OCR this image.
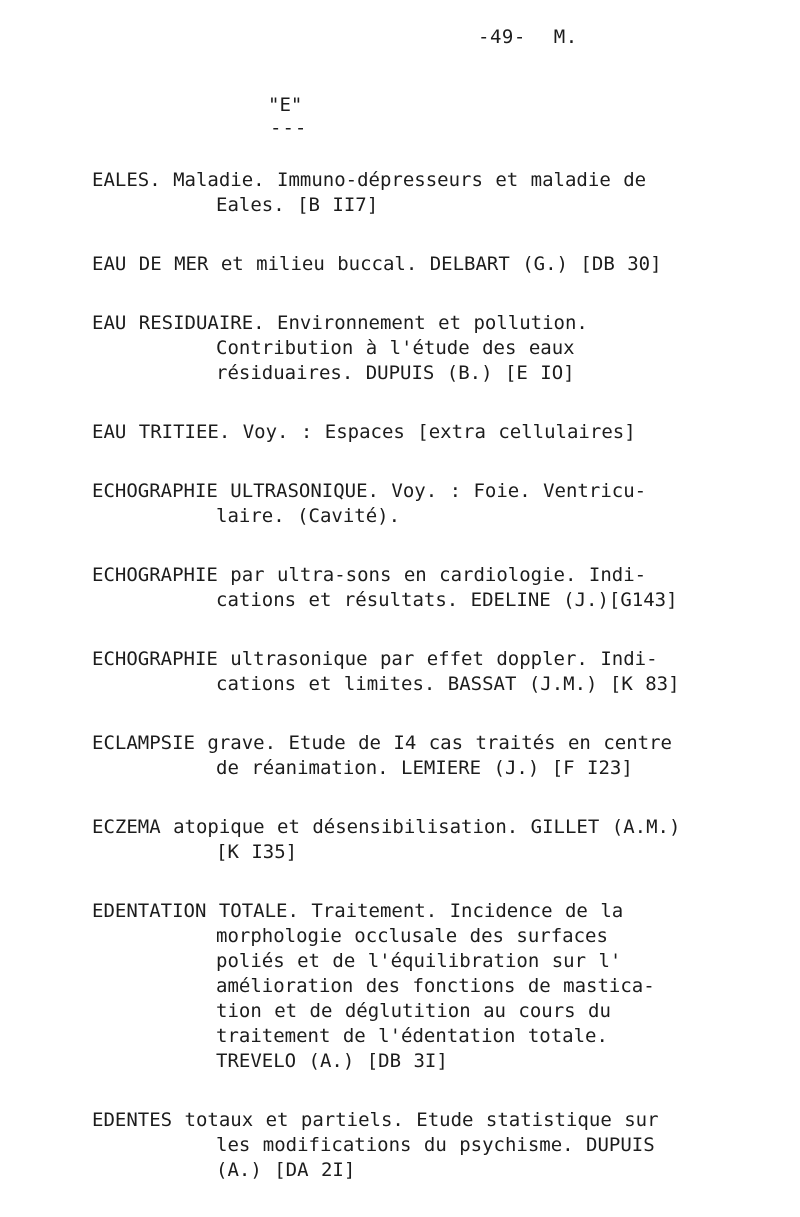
-49- M.
"E"
---
EALES. Maladie. Immuno-dépresseurs et maladie de
Eales. [B II7]
EAU DE MER et milieu buccal. DELBART (G.) [DB 30]
EAU RESIDUAIRE. Environnement et pollution.
Contribution à l'étude des eaux
résiduaires. DUPUIS (B.) [E IO]
EAU TRITIEE. Voy. : Espaces [extra cellulaires]
ECHOGRAPHIE ULTRASONIQUE. Voy. : Foie. Ventricu-
laire. (Cavité).
ECHOGRAPHIE par ultra-sons en cardiologie. Indi-
cations et résultats. EDELINE (J.)[G143]
ECHOGRAPHIE ultrasonique par effet doppler. Indi-
cations et limites. BASSAT (J.M.) [K 83]
ECLAMPSIE grave. Etude de I4 cas traités en centre
de réanimation. LEMIERE (J.) [F I23]
ECZEMA atopique et désensibilisation. GILLET (A.M.)
[K I35]
EDENTATION TOTALE. Traitement. Incidence de la
morphologie occlusale des surfaces
poliés et de l'équilibration sur l'
amélioration des fonctions de mastica-
tion et de déglutition au cours du
traitement de l'édentation totale.
TREVELO (A.) [DB 3I]
EDENTES totaux et partiels. Etude statistique sur
les modifications du psychisme. DUPUIS
(A.) [DA 2I]
